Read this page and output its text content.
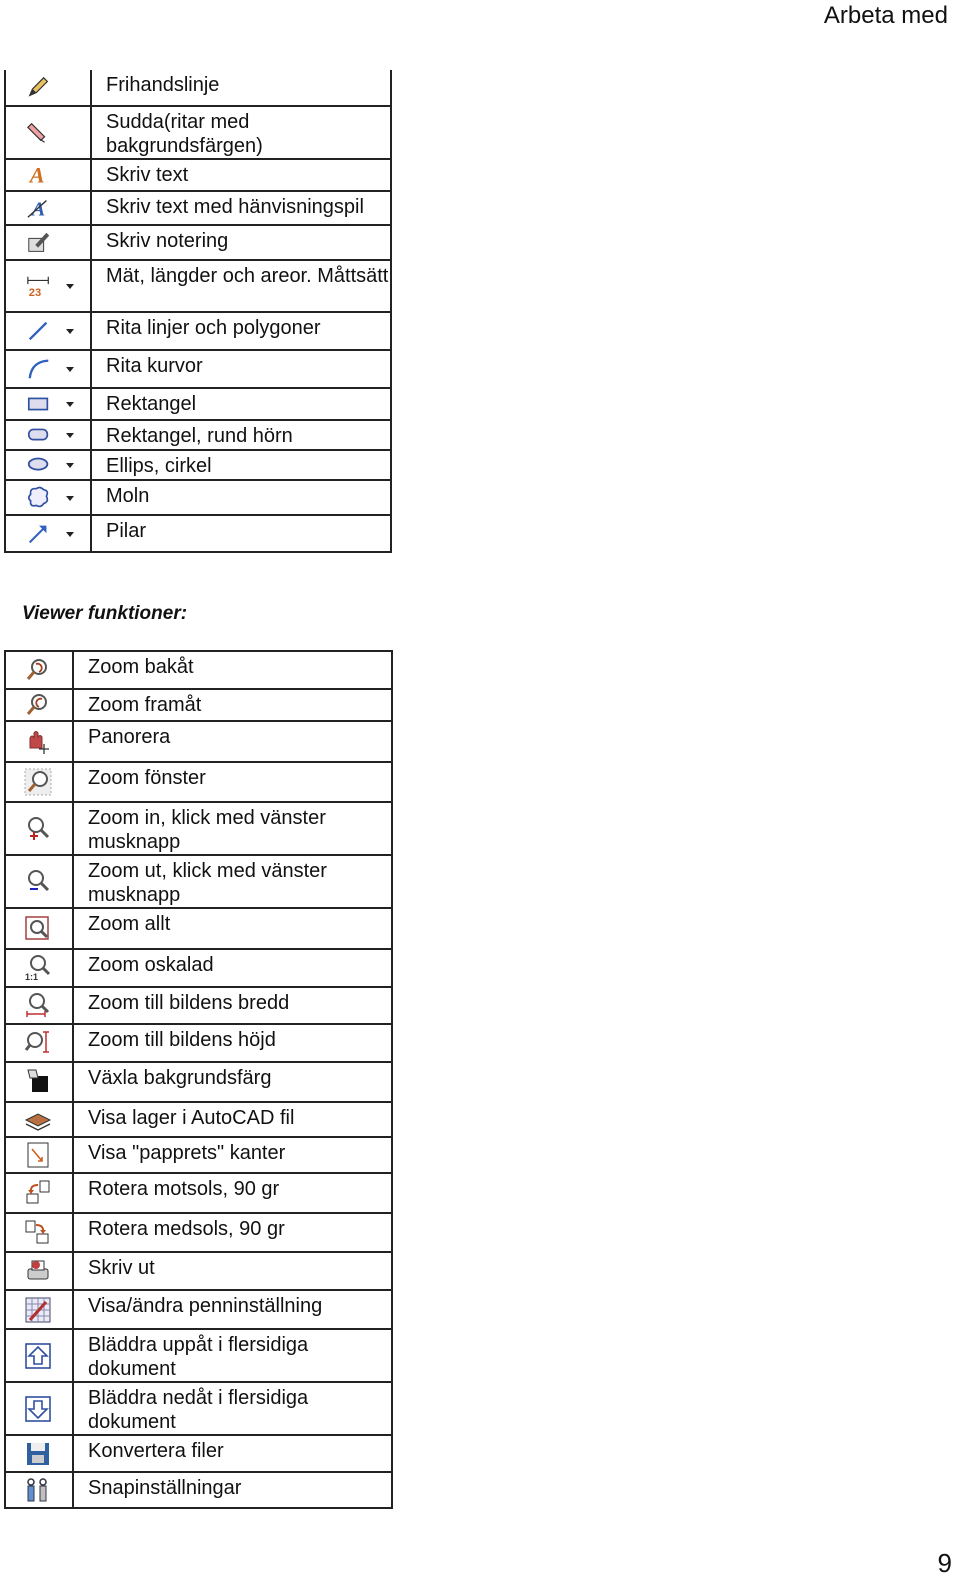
Arbeta med
	Frihandslinje

	Sudda(ritar med bakgrundsfärgen)

A	Skriv text

A	Skriv text med hänvisningspil

	Skriv notering

23	Mät, längder och areor. Måttsätt

	Rita linjer och polygoner

	Rita kurvor

	Rektangel

	Rektangel, rund hörn

	Ellips, cirkel

	Moln

	Pilar
Viewer funktioner:
	Zoom bakåt

	Zoom framåt

	Panorera

	Zoom fönster

	Zoom in, klick med vänster musknapp

	Zoom ut, klick med vänster musknapp

	Zoom allt

1:1	Zoom oskalad

	Zoom till bildens bredd

	Zoom till bildens höjd

	Växla bakgrundsfärg

	Visa lager i AutoCAD fil

	Visa "papprets" kanter

	Rotera motsols, 90 gr

	Rotera medsols, 90 gr

	Skriv ut

	Visa/ändra penninställning

	Bläddra uppåt i flersidiga dokument

	Bläddra nedåt i flersidiga dokument

	Konvertera filer

	Snapinställningar
9
